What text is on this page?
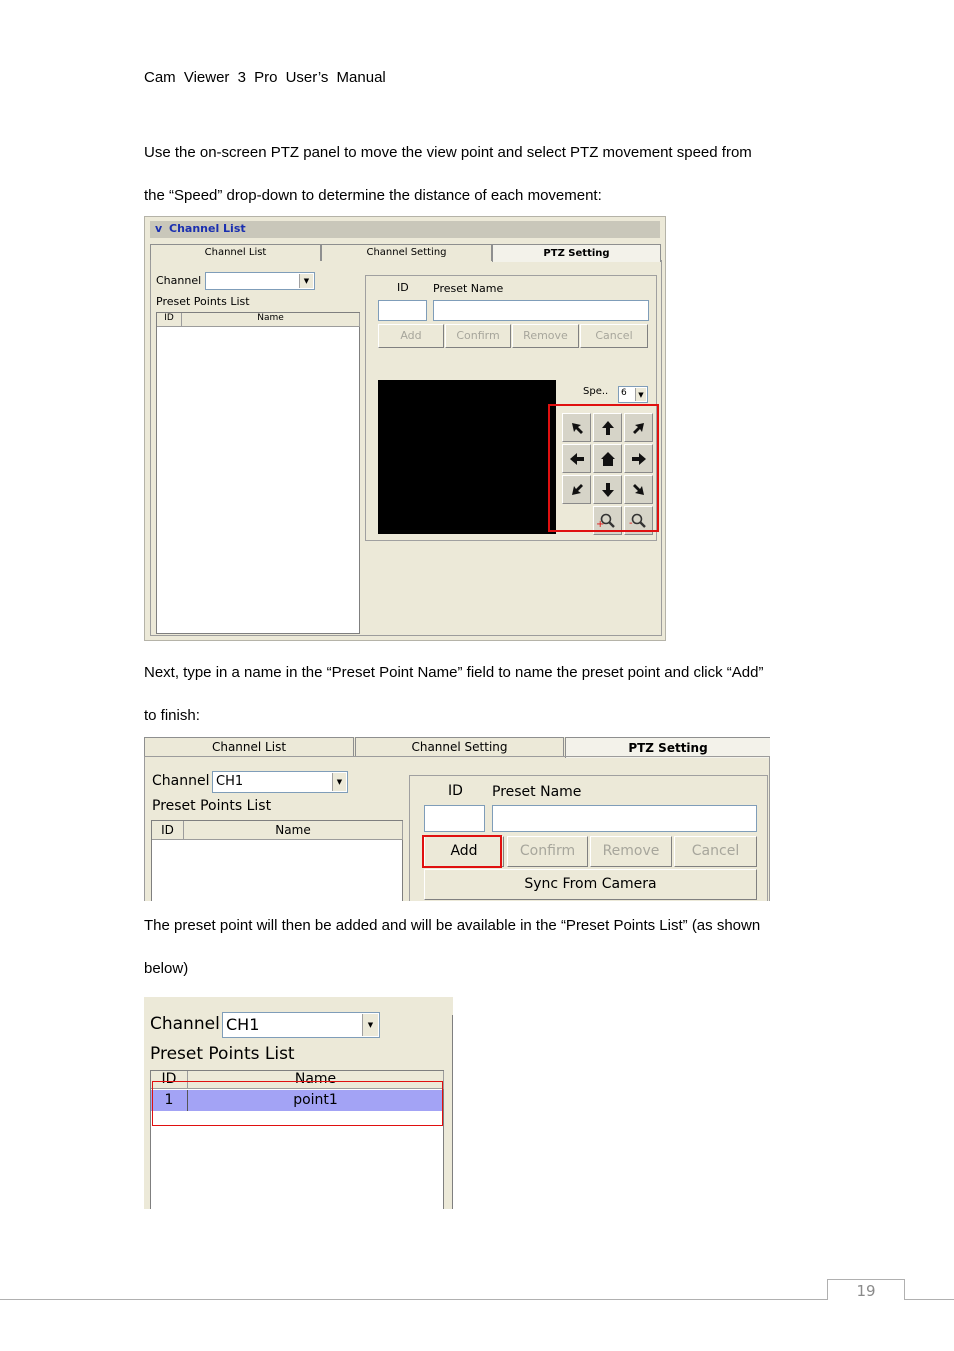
Cam Viewer 3 Pro User’s Manual
Use the on-screen PTZ panel to move the view point and select PTZ movement speed from
the “Speed” drop-down to determine the distance of each movement:
v Channel List
Channel List	Channel Setting	PTZ Setting
Channel	▼
Preset Points List
ID	Name
ID Preset Name
Add	Confirm	Remove	Cancel
Spe.. 6	▼
+ -
Next, type in a name in the “Preset Point Name” field to name the preset point and click “Add”
to finish:
Channel List	Channel Setting	PTZ Setting
Channel CH1	▼
Preset Points List
ID	Name
ID Preset Name
Add	Confirm	Remove	Cancel
Sync From Camera
The preset point will then be added and will be available in the “Preset Points List” (as shown
below)
Channel CH1	▼
Preset Points List
ID	Name
1	point1
19
